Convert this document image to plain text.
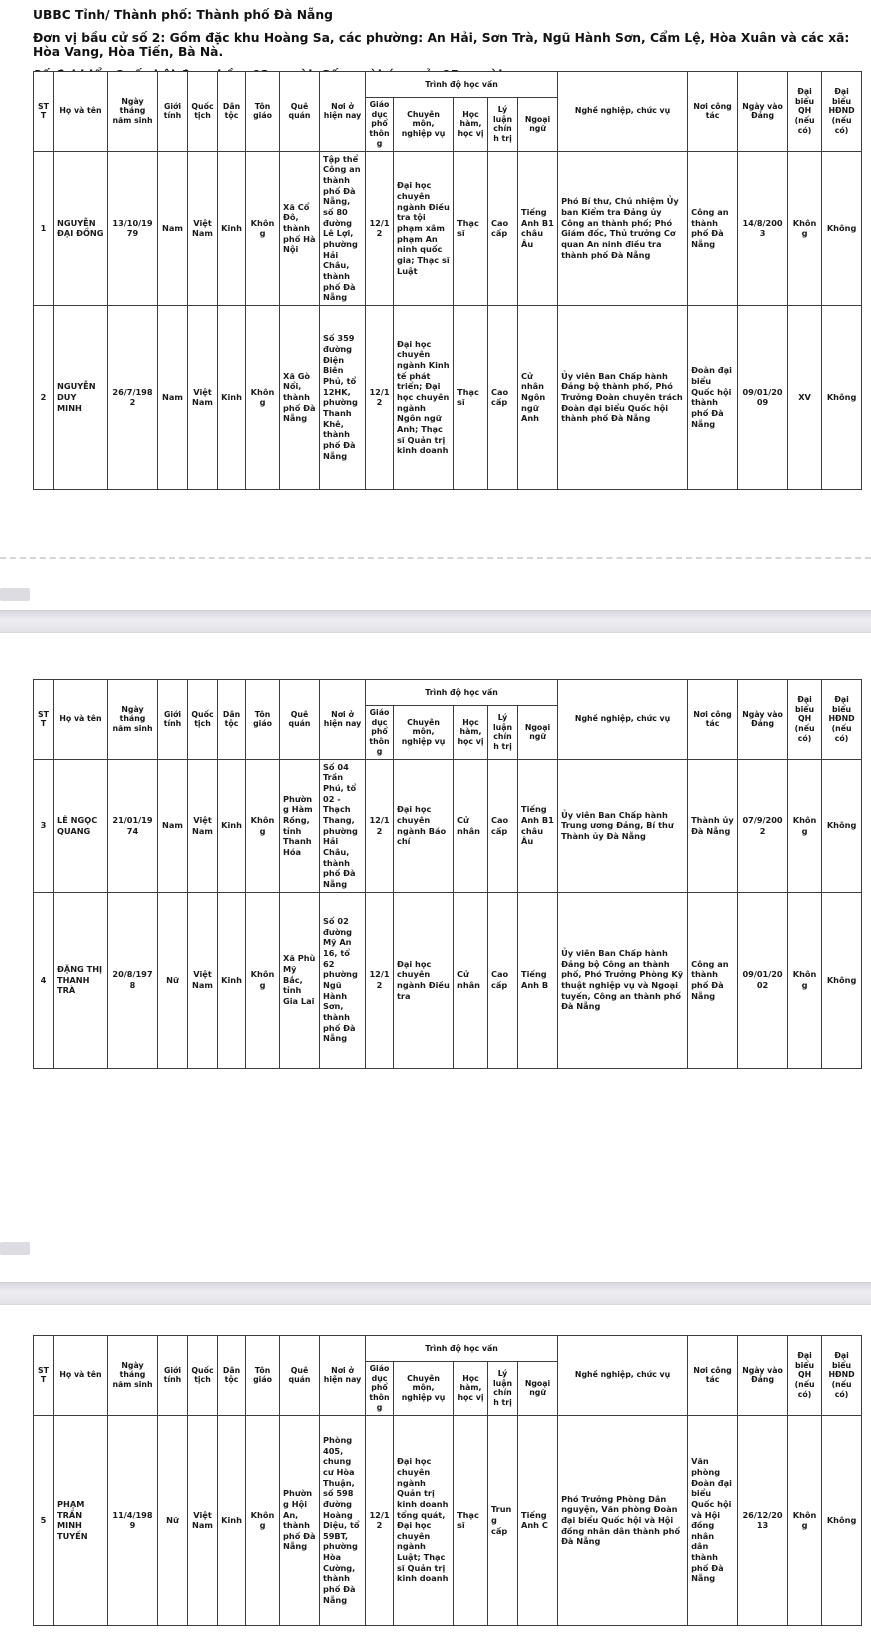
UBBC Tỉnh/ Thành phố: Thành phố Đà Nẵng

Đơn vị bầu cử số 2: Gồm đặc khu Hoàng Sa, các phường: An Hải, Sơn Trà, Ngũ Hành Sơn, Cẩm Lệ, Hòa Xuân và các xã: Hòa Vang, Hòa Tiến, Bà Nà.

STT	Họ và tên	Ngày tháng năm sinh	Giới tính	Quốc tịch	Dân tộc	Tôn giáo	Quê quán	Nơi ở hiện nay	Trình độ học vấn					Nghề nghiệp, chức vụ	Nơi công tác	Ngày vào Đảng	Đại biểu QH (nếu có)	Đại biểu HĐND (nếu có)
									Giáo dục phổ thông	Chuyên môn, nghiệp vụ	Học hàm, học vị	Lý luận chính trị	Ngoại ngữ					
1	NGUYỄN ĐẠI ĐỒNG	13/10/1979	Nam	Việt Nam	Kinh	Không	Xã Cổ Đô, thành phố Hà Nội	Tập thể Công an thành phố Đà Nẵng, số 80 đường Lê Lợi, phường Hải Châu, thành phố Đà Nẵng	12/12	Đại học chuyên ngành Điều tra tội phạm xâm phạm An ninh quốc gia; Thạc sĩ Luật	Thạc sĩ	Cao cấp	Tiếng Anh B1 châu Âu	Phó Bí thư, Chủ nhiệm Ủy ban Kiểm tra Đảng ủy Công an thành phố; Phó Giám đốc, Thủ trưởng Cơ quan An ninh điều tra thành phố Đà Nẵng	Công an thành phố Đà Nẵng	14/8/2003	Không	Không
2	NGUYỄN DUY MINH	26/7/1982	Nam	Việt Nam	Kinh	Không	Xã Gò Nổi, thành phố Đà Nẵng	Số 359 đường Điện Biên Phủ, tổ 12HK, phường Thanh Khê, thành phố Đà Nẵng	12/12	Đại học chuyên ngành Kinh tế phát triển; Đại học chuyên ngành Ngôn ngữ Anh; Thạc sĩ Quản trị kinh doanh	Thạc sĩ	Cao cấp	Cử nhân Ngôn ngữ Anh	Ủy viên Ban Chấp hành Đảng bộ thành phố, Phó Trưởng Đoàn chuyên trách Đoàn đại biểu Quốc hội thành phố Đà Nẵng	Đoàn đại biểu Quốc hội thành phố Đà Nẵng	09/01/2009	XV	Không
STT	Họ và tên	Ngày tháng năm sinh	Giới tính	Quốc tịch	Dân tộc	Tôn giáo	Quê quán	Nơi ở hiện nay	Trình độ học vấn					Nghề nghiệp, chức vụ	Nơi công tác	Ngày vào Đảng	Đại biểu QH (nếu có)	Đại biểu HĐND (nếu có)
									Giáo dục phổ thông	Chuyên môn, nghiệp vụ	Học hàm, học vị	Lý luận chính trị	Ngoại ngữ					
3	LÊ NGỌC QUANG	21/01/1974	Nam	Việt Nam	Kinh	Không	Phường Hàm Rồng, tỉnh Thanh Hóa	Số 04 Trần Phú, tổ 02 - Thạch Thang, phường Hải Châu, thành phố Đà Nẵng	12/12	Đại học chuyên ngành Báo chí	Cử nhân	Cao cấp	Tiếng Anh B1 châu Âu	Ủy viên Ban Chấp hành Trung ương Đảng, Bí thư Thành ủy Đà Nẵng	Thành ủy Đà Nẵng	07/9/2002	Không	Không
4	ĐẶNG THỊ THANH TRÀ	20/8/1978	Nữ	Việt Nam	Kinh	Không	Xã Phù Mỹ Bắc, tỉnh Gia Lai	Số 02 đường Mỹ An 16, tổ 62 phường Ngũ Hành Sơn, thành phố Đà Nẵng	12/12	Đại học chuyên ngành Điều tra	Cử nhân	Cao cấp	Tiếng Anh B	Ủy viên Ban Chấp hành Đảng bộ Công an thành phố, Phó Trưởng Phòng Kỹ thuật nghiệp vụ và Ngoại tuyến, Công an thành phố Đà Nẵng	Công an thành phố Đà Nẵng	09/01/2002	Không	Không
STT	Họ và tên	Ngày tháng năm sinh	Giới tính	Quốc tịch	Dân tộc	Tôn giáo	Quê quán	Nơi ở hiện nay	Trình độ học vấn					Nghề nghiệp, chức vụ	Nơi công tác	Ngày vào Đảng	Đại biểu QH (nếu có)	Đại biểu HĐND (nếu có)
									Giáo dục phổ thông	Chuyên môn, nghiệp vụ	Học hàm, học vị	Lý luận chính trị	Ngoại ngữ					
5	PHẠM TRẦN MINH TUYẾN	11/4/1989	Nữ	Việt Nam	Kinh	Không	Phường Hội An, thành phố Đà Nẵng	Phòng 405, chung cư Hòa Thuận, số 598 đường Hoàng Diệu, tổ 59BT, phường Hòa Cường, thành phố Đà Nẵng	12/12	Đại học chuyên ngành Quản trị kinh doanh tổng quát, Đại học chuyên ngành Luật; Thạc sĩ Quản trị kinh doanh	Thạc sĩ	Trung cấp	Tiếng Anh C	Phó Trưởng Phòng Dân nguyện, Văn phòng Đoàn đại biểu Quốc hội và Hội đồng nhân dân thành phố Đà Nẵng	Văn phòng Đoàn đại biểu Quốc hội và Hội đồng nhân dân thành phố Đà Nẵng	26/12/2013	Không	Không
